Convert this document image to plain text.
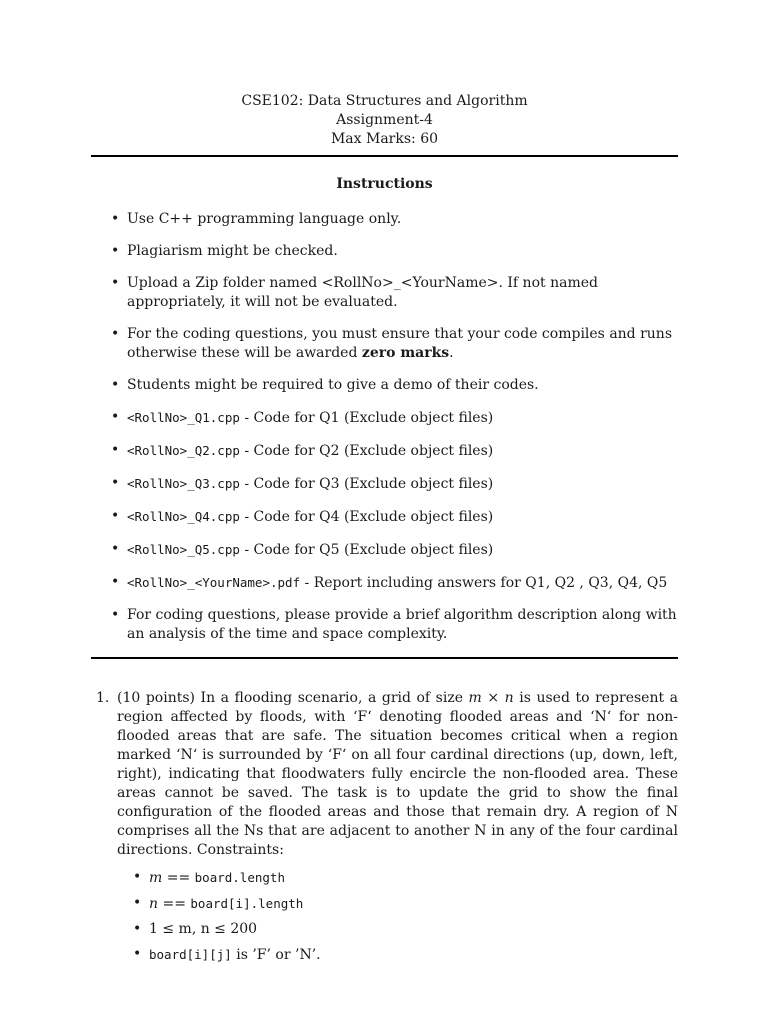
CSE102: Data Structures and Algorithm
Assignment-4
Max Marks: 60
Instructions
• Use C++ programming language only.
• Plagiarism might be checked.
• Upload a Zip folder named <RollNo>_<YourName>. If not named appropriately, it will not be evaluated.
• For the coding questions, you must ensure that your code compiles and runs otherwise these will be awarded zero marks.
• Students might be required to give a demo of their codes.
• <RollNo>_Q1.cpp - Code for Q1 (Exclude object files)
• <RollNo>_Q2.cpp - Code for Q2 (Exclude object files)
• <RollNo>_Q3.cpp - Code for Q3 (Exclude object files)
• <RollNo>_Q4.cpp - Code for Q4 (Exclude object files)
• <RollNo>_Q5.cpp - Code for Q5 (Exclude object files)
• <RollNo>_<YourName>.pdf - Report including answers for Q1, Q2 , Q3, Q4, Q5
• For coding questions, please provide a brief algorithm description along with an analysis of the time and space complexity.
1. (10 points) In a flooding scenario, a grid of size m × n is used to represent a region affected by floods, with ‘F‘ denoting flooded areas and ‘N‘ for non-flooded areas that are safe. The situation becomes critical when a region marked ‘N‘ is surrounded by ‘F‘ on all four cardinal directions (up, down, left, right), indicating that floodwaters fully encircle the non-flooded area. These areas cannot be saved. The task is to update the grid to show the final configuration of the flooded areas and those that remain dry. A region of N comprises all the Ns that are adjacent to another N in any of the four cardinal directions. Constraints:
• m == board.length
• n == board[i].length
• 1 ≤ m, n ≤ 200
• board[i][j] is ’F’ or ’N’.
